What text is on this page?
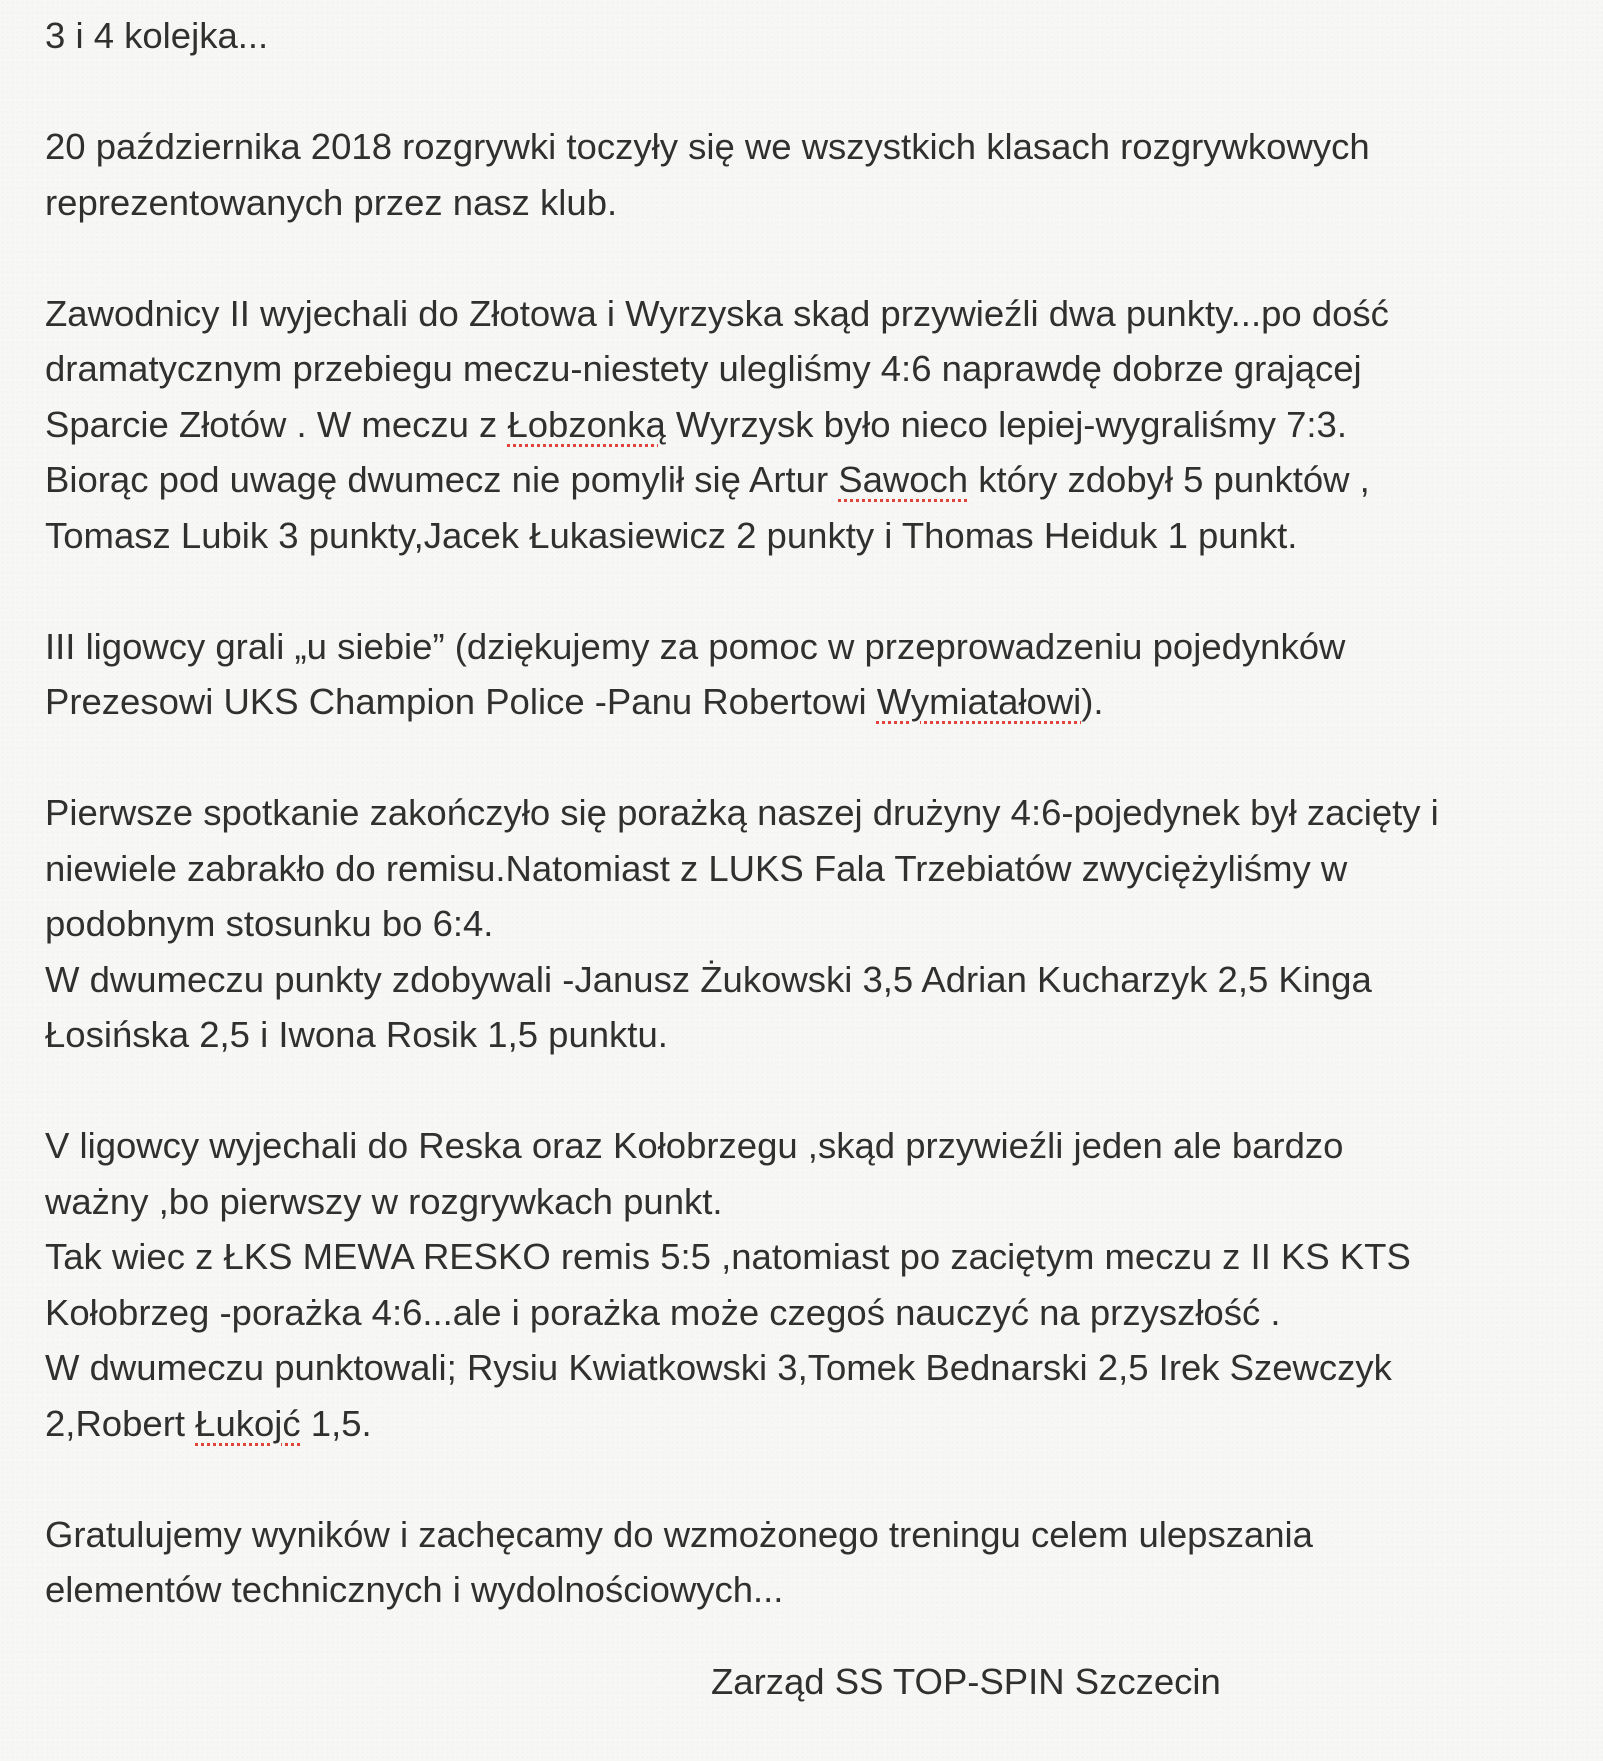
3 i 4 kolejka...
20 października 2018 rozgrywki toczyły się we wszystkich klasach rozgrywkowych
reprezentowanych przez nasz klub.
Zawodnicy II wyjechali do Złotowa i Wyrzyska skąd przywieźli dwa punkty...po dość
dramatycznym przebiegu meczu-niestety ulegliśmy 4:6 naprawdę dobrze grającej
Sparcie Złotów . W meczu z Łobzonką Wyrzysk było nieco lepiej-wygraliśmy 7:3.
Biorąc pod uwagę dwumecz nie pomylił się Artur Sawoch który zdobył 5 punktów ,
Tomasz Lubik 3 punkty,Jacek Łukasiewicz 2 punkty i Thomas Heiduk 1 punkt.
III ligowcy grali „u siebie” (dziękujemy za pomoc w przeprowadzeniu pojedynków
Prezesowi UKS Champion Police -Panu Robertowi Wymiatałowi).
Pierwsze spotkanie zakończyło się porażką naszej drużyny 4:6-pojedynek był zacięty i
niewiele zabrakło do remisu.Natomiast z LUKS Fala Trzebiatów zwyciężyliśmy w
podobnym stosunku bo 6:4.
W dwumeczu punkty zdobywali -Janusz Żukowski 3,5 Adrian Kucharzyk 2,5 Kinga
Łosińska 2,5 i Iwona Rosik 1,5 punktu.
V ligowcy wyjechali do Reska oraz Kołobrzegu ,skąd przywieźli jeden ale bardzo
ważny ,bo pierwszy w rozgrywkach punkt.
Tak wiec z ŁKS MEWA RESKO remis 5:5 ,natomiast po zaciętym meczu z II KS KTS
Kołobrzeg -porażka 4:6...ale i porażka może czegoś nauczyć na przyszłość .
W dwumeczu punktowali; Rysiu Kwiatkowski 3,Tomek Bednarski 2,5 Irek Szewczyk
2,Robert Łukojć 1,5.
Gratulujemy wyników i zachęcamy do wzmożonego treningu celem ulepszania
elementów technicznych i wydolnościowych...
Zarząd SS TOP-SPIN Szczecin
